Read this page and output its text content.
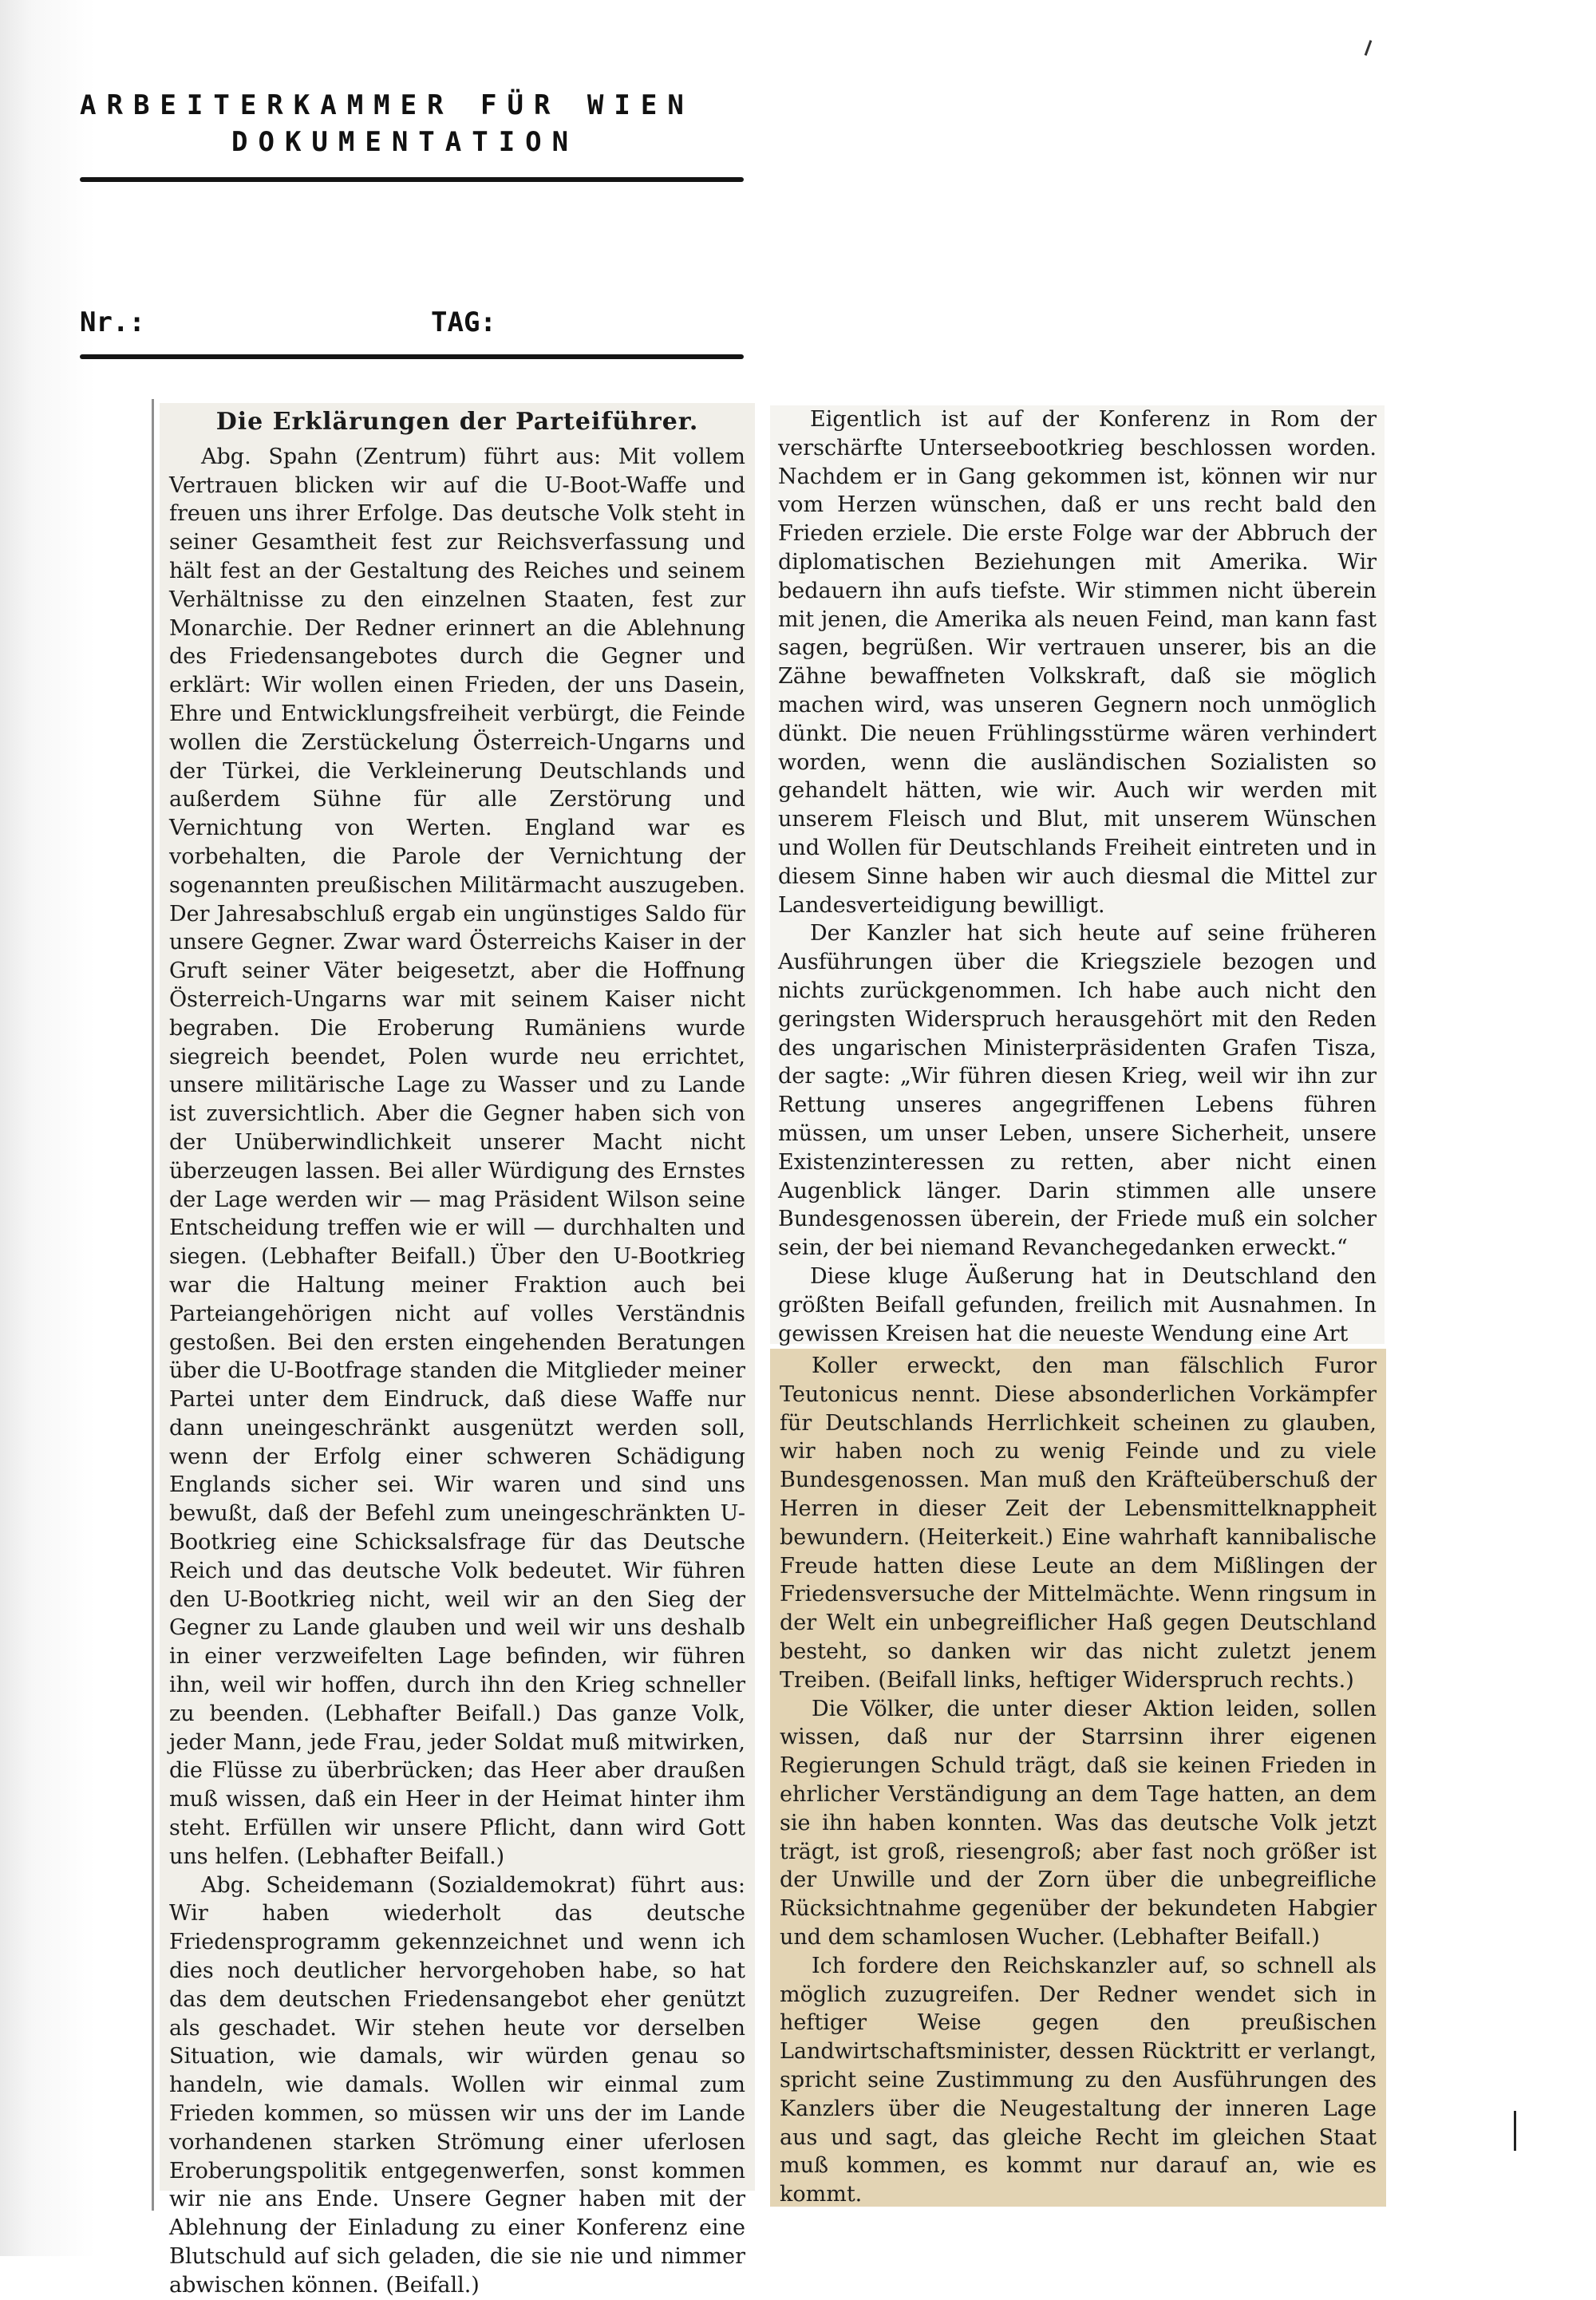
ARBEITERKAMMER FÜR WIEN
DOKUMENTATION
Nr.:	TAG:
Die Erklärungen der Parteiführer.

Abg. Spahn (Zentrum) führt aus: Mit vollem Vertrauen blicken wir auf die U-Boot-Waffe und freuen uns ihrer Erfolge. Das deutsche Volk steht in seiner Gesamtheit fest zur Reichsverfassung und hält fest an der Gestaltung des Reiches und seinem Verhältnisse zu den einzelnen Staaten, fest zur Monarchie. Der Redner erinnert an die Ablehnung des Friedensangebotes durch die Gegner und erklärt: Wir wollen einen Frieden, der uns Dasein, Ehre und Entwicklungsfreiheit verbürgt, die Feinde wollen die Zerstückelung Österreich-Ungarns und der Türkei, die Verkleinerung Deutschlands und außerdem Sühne für alle Zerstörung und Vernichtung von Werten. England war es vorbehalten, die Parole der Vernichtung der sogenannten preußischen Militärmacht auszugeben. Der Jahresabschluß ergab ein ungünstiges Saldo für unsere Gegner. Zwar ward Österreichs Kaiser in der Gruft seiner Väter beigesetzt, aber die Hoffnung Österreich-Ungarns war mit seinem Kaiser nicht begraben. Die Eroberung Rumäniens wurde siegreich beendet, Polen wurde neu errichtet, unsere militärische Lage zu Wasser und zu Lande ist zuversichtlich. Aber die Gegner haben sich von der Unüberwindlichkeit unserer Macht nicht überzeugen lassen. Bei aller Würdigung des Ernstes der Lage werden wir — mag Präsident Wilson seine Entscheidung treffen wie er will — durchhalten und siegen. (Lebhafter Beifall.) Über den U-Bootkrieg war die Haltung meiner Fraktion auch bei Parteiangehörigen nicht auf volles Verständnis gestoßen. Bei den ersten eingehenden Beratungen über die U-Bootfrage standen die Mitglieder meiner Partei unter dem Eindruck, daß diese Waffe nur dann uneingeschränkt ausgenützt werden soll, wenn der Erfolg einer schweren Schädigung Englands sicher sei. Wir waren und sind uns bewußt, daß der Befehl zum uneingeschränkten U-Bootkrieg eine Schicksalsfrage für das Deutsche Reich und das deutsche Volk bedeutet. Wir führen den U-Bootkrieg nicht, weil wir an den Sieg der Gegner zu Lande glauben und weil wir uns deshalb in einer verzweifelten Lage befinden, wir führen ihn, weil wir hoffen, durch ihn den Krieg schneller zu beenden. (Lebhafter Beifall.) Das ganze Volk, jeder Mann, jede Frau, jeder Soldat muß mitwirken, die Flüsse zu überbrücken; das Heer aber draußen muß wissen, daß ein Heer in der Heimat hinter ihm steht. Erfüllen wir unsere Pflicht, dann wird Gott uns helfen. (Lebhafter Beifall.)

Abg. Scheidemann (Sozialdemokrat) führt aus: Wir haben wiederholt das deutsche Friedensprogramm gekennzeichnet und wenn ich dies noch deutlicher hervorgehoben habe, so hat das dem deutschen Friedensangebot eher genützt als geschadet. Wir stehen heute vor derselben Situation, wie damals, wir würden genau so handeln, wie damals. Wollen wir einmal zum Frieden kommen, so müssen wir uns der im Lande vorhandenen starken Strömung einer uferlosen Eroberungspolitik entgegenwerfen, sonst kommen wir nie ans Ende. Unsere Gegner haben mit der Ablehnung der Einladung zu einer Konferenz eine Blutschuld auf sich geladen, die sie nie und nimmer abwischen können. (Beifall.)

Eigentlich ist auf der Konferenz in Rom der verschärfte Unterseebootkrieg beschlossen worden. Nachdem er in Gang gekommen ist, können wir nur vom Herzen wünschen, daß er uns recht bald den Frieden erziele. Die erste Folge war der Abbruch der diplomatischen Beziehungen mit Amerika. Wir bedauern ihn aufs tiefste. Wir stimmen nicht überein mit jenen, die Amerika als neuen Feind, man kann fast sagen, begrüßen. Wir vertrauen unserer, bis an die Zähne bewaffneten Volkskraft, daß sie möglich machen wird, was unseren Gegnern noch unmöglich dünkt. Die neuen Frühlingsstürme wären verhindert worden, wenn die ausländischen Sozialisten so gehandelt hätten, wie wir. Auch wir werden mit unserem Fleisch und Blut, mit unserem Wünschen und Wollen für Deutschlands Freiheit eintreten und in diesem Sinne haben wir auch diesmal die Mittel zur Landesverteidigung bewilligt.

Der Kanzler hat sich heute auf seine früheren Ausführungen über die Kriegsziele bezogen und nichts zurückgenommen. Ich habe auch nicht den geringsten Widerspruch herausgehört mit den Reden des ungarischen Ministerpräsidenten Grafen Tisza, der sagte: „Wir führen diesen Krieg, weil wir ihn zur Rettung unseres angegriffenen Lebens führen müssen, um unser Leben, unsere Sicherheit, unsere Existenzinteressen zu retten, aber nicht einen Augenblick länger. Darin stimmen alle unsere Bundesgenossen überein, der Friede muß ein solcher sein, der bei niemand Revanchegedanken erweckt.“

Diese kluge Äußerung hat in Deutschland den größten Beifall gefunden, freilich mit Ausnahmen. In gewissen Kreisen hat die neueste Wendung eine Art

Koller erweckt, den man fälschlich Furor Teutonicus nennt. Diese absonderlichen Vorkämpfer für Deutschlands Herrlichkeit scheinen zu glauben, wir haben noch zu wenig Feinde und zu viele Bundesgenossen. Man muß den Kräfteüberschuß der Herren in dieser Zeit der Lebensmittelknappheit bewundern. (Heiterkeit.) Eine wahrhaft kannibalische Freude hatten diese Leute an dem Mißlingen der Friedensversuche der Mittelmächte. Wenn ringsum in der Welt ein unbegreiflicher Haß gegen Deutschland besteht, so danken wir das nicht zuletzt jenem Treiben. (Beifall links, heftiger Widerspruch rechts.)

Die Völker, die unter dieser Aktion leiden, sollen wissen, daß nur der Starrsinn ihrer eigenen Regierungen Schuld trägt, daß sie keinen Frieden in ehrlicher Verständigung an dem Tage hatten, an dem sie ihn haben konnten. Was das deutsche Volk jetzt trägt, ist groß, riesengroß; aber fast noch größer ist der Unwille und der Zorn über die unbegreifliche Rücksichtnahme gegenüber der bekundeten Habgier und dem schamlosen Wucher. (Lebhafter Beifall.)

Ich fordere den Reichskanzler auf, so schnell als möglich zuzugreifen. Der Redner wendet sich in heftiger Weise gegen den preußischen Landwirtschaftsminister, dessen Rücktritt er verlangt, spricht seine Zustimmung zu den Ausführungen des Kanzlers über die Neugestaltung der inneren Lage aus und sagt, das gleiche Recht im gleichen Staat muß kommen, es kommt nur darauf an, wie es kommt.
